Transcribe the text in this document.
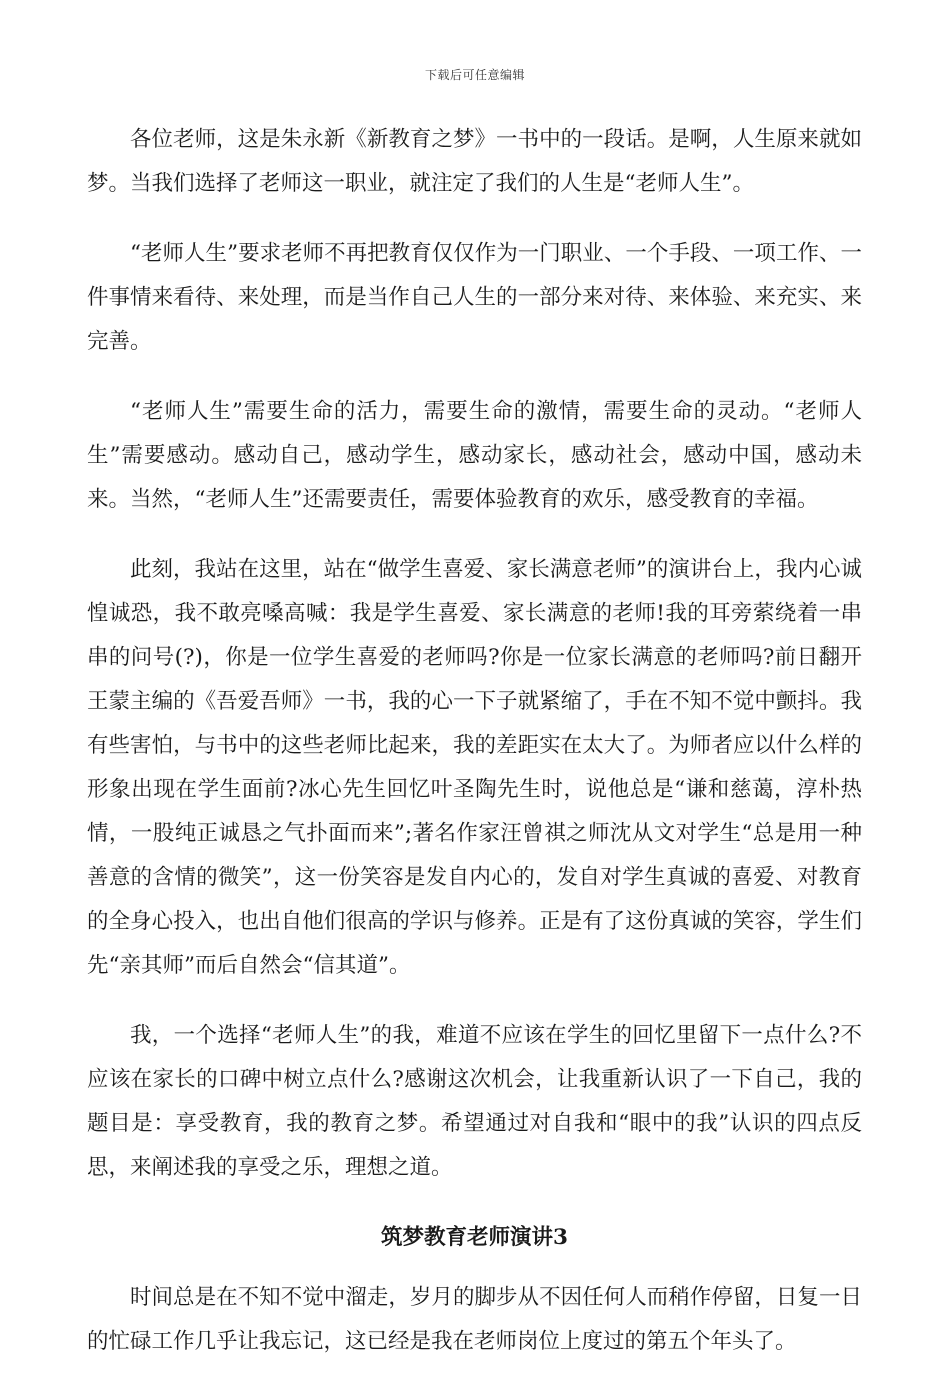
下载后可任意编辑

各位老师，这是朱永新《新教育之梦》一书中的一段话。是啊，人生原来就如梦。当我们选择了老师这一职业，就注定了我们的人生是“老师人生”。

“老师人生”要求老师不再把教育仅仅作为一门职业、一个手段、一项工作、一件事情来看待、来处理，而是当作自己人生的一部分来对待、来体验、来充实、来完善。

“老师人生”需要生命的活力，需要生命的激情，需要生命的灵动。“老师人生”需要感动。感动自己，感动学生，感动家长，感动社会，感动中国，感动未来。当然，“老师人生”还需要责任，需要体验教育的欢乐，感受教育的幸福。

此刻，我站在这里，站在“做学生喜爱、家长满意老师”的演讲台上，我内心诚惶诚恐，我不敢亮嗓高喊：我是学生喜爱、家长满意的老师!我的耳旁萦绕着一串串的问号(?)，你是一位学生喜爱的老师吗?你是一位家长满意的老师吗?前日翻开王蒙主编的《吾爱吾师》一书，我的心一下子就紧缩了，手在不知不觉中颤抖。我有些害怕，与书中的这些老师比起来，我的差距实在太大了。为师者应以什么样的形象出现在学生面前?冰心先生回忆叶圣陶先生时，说他总是“谦和慈蔼，淳朴热情，一股纯正诚恳之气扑面而来”;著名作家汪曾祺之师沈从文对学生“总是用一种善意的含情的微笑”，这一份笑容是发自内心的，发自对学生真诚的喜爱、对教育的全身心投入，也出自他们很高的学识与修养。正是有了这份真诚的笑容，学生们先“亲其师”而后自然会“信其道”。

我，一个选择“老师人生”的我，难道不应该在学生的回忆里留下一点什么?不应该在家长的口碑中树立点什么?感谢这次机会，让我重新认识了一下自己，我的题目是：享受教育，我的教育之梦。希望通过对自我和“眼中的我”认识的四点反思，来阐述我的享受之乐，理想之道。

筑梦教育老师演讲3

时间总是在不知不觉中溜走，岁月的脚步从不因任何人而稍作停留，日复一日的忙碌工作几乎让我忘记，这已经是我在老师岗位上度过的第五个年头了。
